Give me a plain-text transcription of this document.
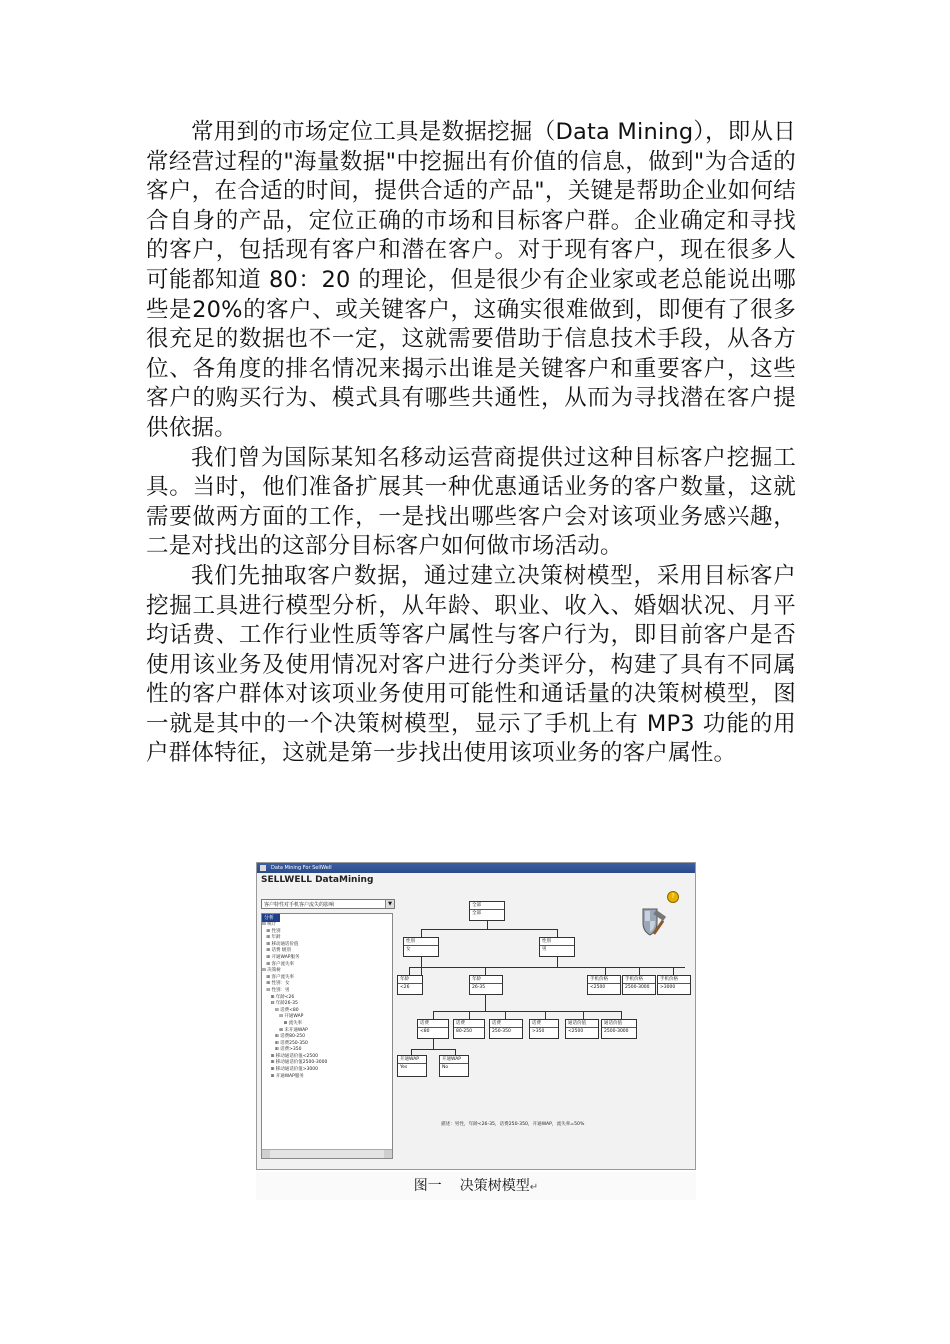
常用到的市场定位工具是数据挖掘（Data Mining），即从日常经营过程的"海量数据"中挖掘出有价值的信息，做到"为合适的客户，在合适的时间，提供合适的产品"，关键是帮助企业如何结合自身的产品，定位正确的市场和目标客户群。企业确定和寻找的客户，包括现有客户和潜在客户。对于现有客户，现在很多人可能都知道 80：20 的理论，但是很少有企业家或老总能说出哪些是20%的客户、或关键客户，这确实很难做到，即便有了很多很充足的数据也不一定，这就需要借助于信息技术手段，从各方位、各角度的排名情况来揭示出谁是关键客户和重要客户，这些客户的购买行为、模式具有哪些共通性，从而为寻找潜在客户提供依据。

我们曾为国际某知名移动运营商提供过这种目标客户挖掘工具。当时，他们准备扩展其一种优惠通话业务的客户数量，这就需要做两方面的工作，一是找出哪些客户会对该项业务感兴趣，二是对找出的这部分目标客户如何做市场活动。

我们先抽取客户数据，通过建立决策树模型，采用目标客户挖掘工具进行模型分析，从年龄、职业、收入、婚姻状况、月平均话费、工作行业性质等客户属性与客户行为，即目前客户是否使用该业务及使用情况对客户进行分类评分，构建了具有不同属性的客户群体对该项业务使用可能性和通话量的决策树模型，图一就是其中的一个决策树模型，显示了手机上有 MP3 功能的用户群体特征，这就是第一步找出使用该项业务的客户属性。

Data Mining For SellWell
SELLWELL DataMining
客户特性对手机客户流失的影响	▼
分析
⊟ 统计
⊞ 性别
⊞ 年龄
⊞ 移动通话价值
⊞ 话费 级别
⊞ 开通WAP服务
⊞ 客户流失率
⊟ 决策树
⊞ 客户流失率
⊞ 性别：女
⊟ 性别：男
⊞ 年龄<26
⊟ 年龄26-35
⊟ 话费<80
⊟ 开通WAP
⊞ 流失率
⊞ 未开通WAP
⊞ 话费80-250
⊞ 话费250-350
⊞ 话费>350
⊞ 移动通话价值<2500
⊞ 移动通话价值2500-3000
⊞ 移动通话价值>3000
⊞ 开通WAP服务
?
全部
全部
性别
女
性别
男
年龄
<26
年龄
26-35
手机价格
<2500
手机价格
2500-3000
手机价格
>3000
话费
<80
话费
80-250
话费
250-350
话费
>350
通话价值
<2500
通话价值
2500-3000
开通WAP
Yes
开通WAP
No
描述：男性，年龄<26-35，话费250-350，开通WAP，流失率=50%
图一 决策树模型↵
